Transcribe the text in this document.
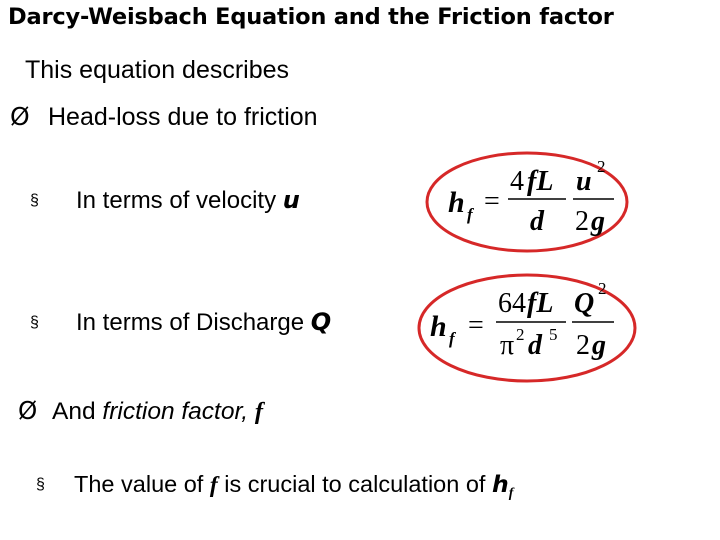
Darcy-Weisbach Equation and the Friction factor
This equation describes
Ø Head-loss due to friction
§ In terms of velocity u
§ In terms of Discharge Q
h f =
4 fL
d
u 2
2 g
h f =
64 fL
π 2 d 5
Q 2
2 g
Ø And friction factor, f
§ The value of f is crucial to calculation of $h_f$
